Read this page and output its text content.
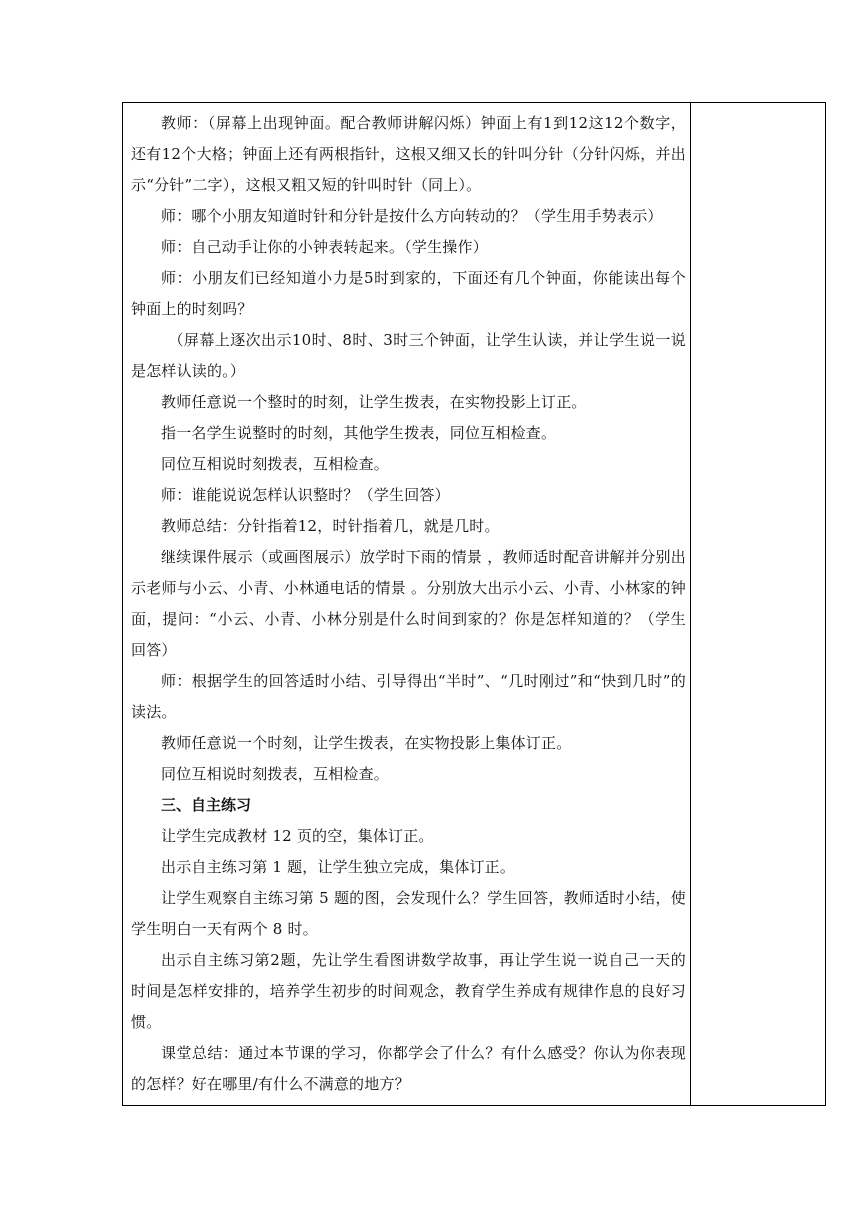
教师：（屏幕上出现钟面。配合教师讲解闪烁）钟面上有1到12这12个数字，还有12个大格；钟面上还有两根指针，这根又细又长的针叫分针（分针闪烁，并出示“分针”二字），这根又粗又短的针叫时针（同上）。

师：哪个小朋友知道时针和分针是按什么方向转动的？（学生用手势表示）

师：自己动手让你的小钟表转起来。（学生操作）

师：小朋友们已经知道小力是5时到家的，下面还有几个钟面，你能读出每个钟面上的时刻吗？

（屏幕上逐次出示10时、8时、3时三个钟面，让学生认读，并让学生说一说是怎样认读的。）

教师任意说一个整时的时刻，让学生拨表，在实物投影上订正。

指一名学生说整时的时刻，其他学生拨表，同位互相检查。

同位互相说时刻拨表，互相检查。

师：谁能说说怎样认识整时？（学生回答）

教师总结：分针指着12，时针指着几，就是几时。

继续课件展示（或画图展示）放学时下雨的情景 ，教师适时配音讲解并分别出示老师与小云、小青、小林通电话的情景 。分别放大出示小云、小青、小林家的钟面，提问：“小云、小青、小林分别是什么时间到家的？你是怎样知道的？（学生回答）

师：根据学生的回答适时小结、引导得出“半时”、“几时刚过”和“快到几时”的读法。

教师任意说一个时刻，让学生拨表，在实物投影上集体订正。

同位互相说时刻拨表，互相检查。

三、自主练习

让学生完成教材 12 页的空，集体订正。

出示自主练习第 1 题，让学生独立完成，集体订正。

让学生观察自主练习第 5 题的图，会发现什么？学生回答，教师适时小结，使学生明白一天有两个 8 时。

出示自主练习第2题，先让学生看图讲数学故事，再让学生说一说自己一天的时间是怎样安排的，培养学生初步的时间观念，教育学生养成有规律作息的良好习惯。

课堂总结：通过本节课的学习，你都学会了什么？有什么感受？你认为你表现的怎样？好在哪里/有什么不满意的地方？
